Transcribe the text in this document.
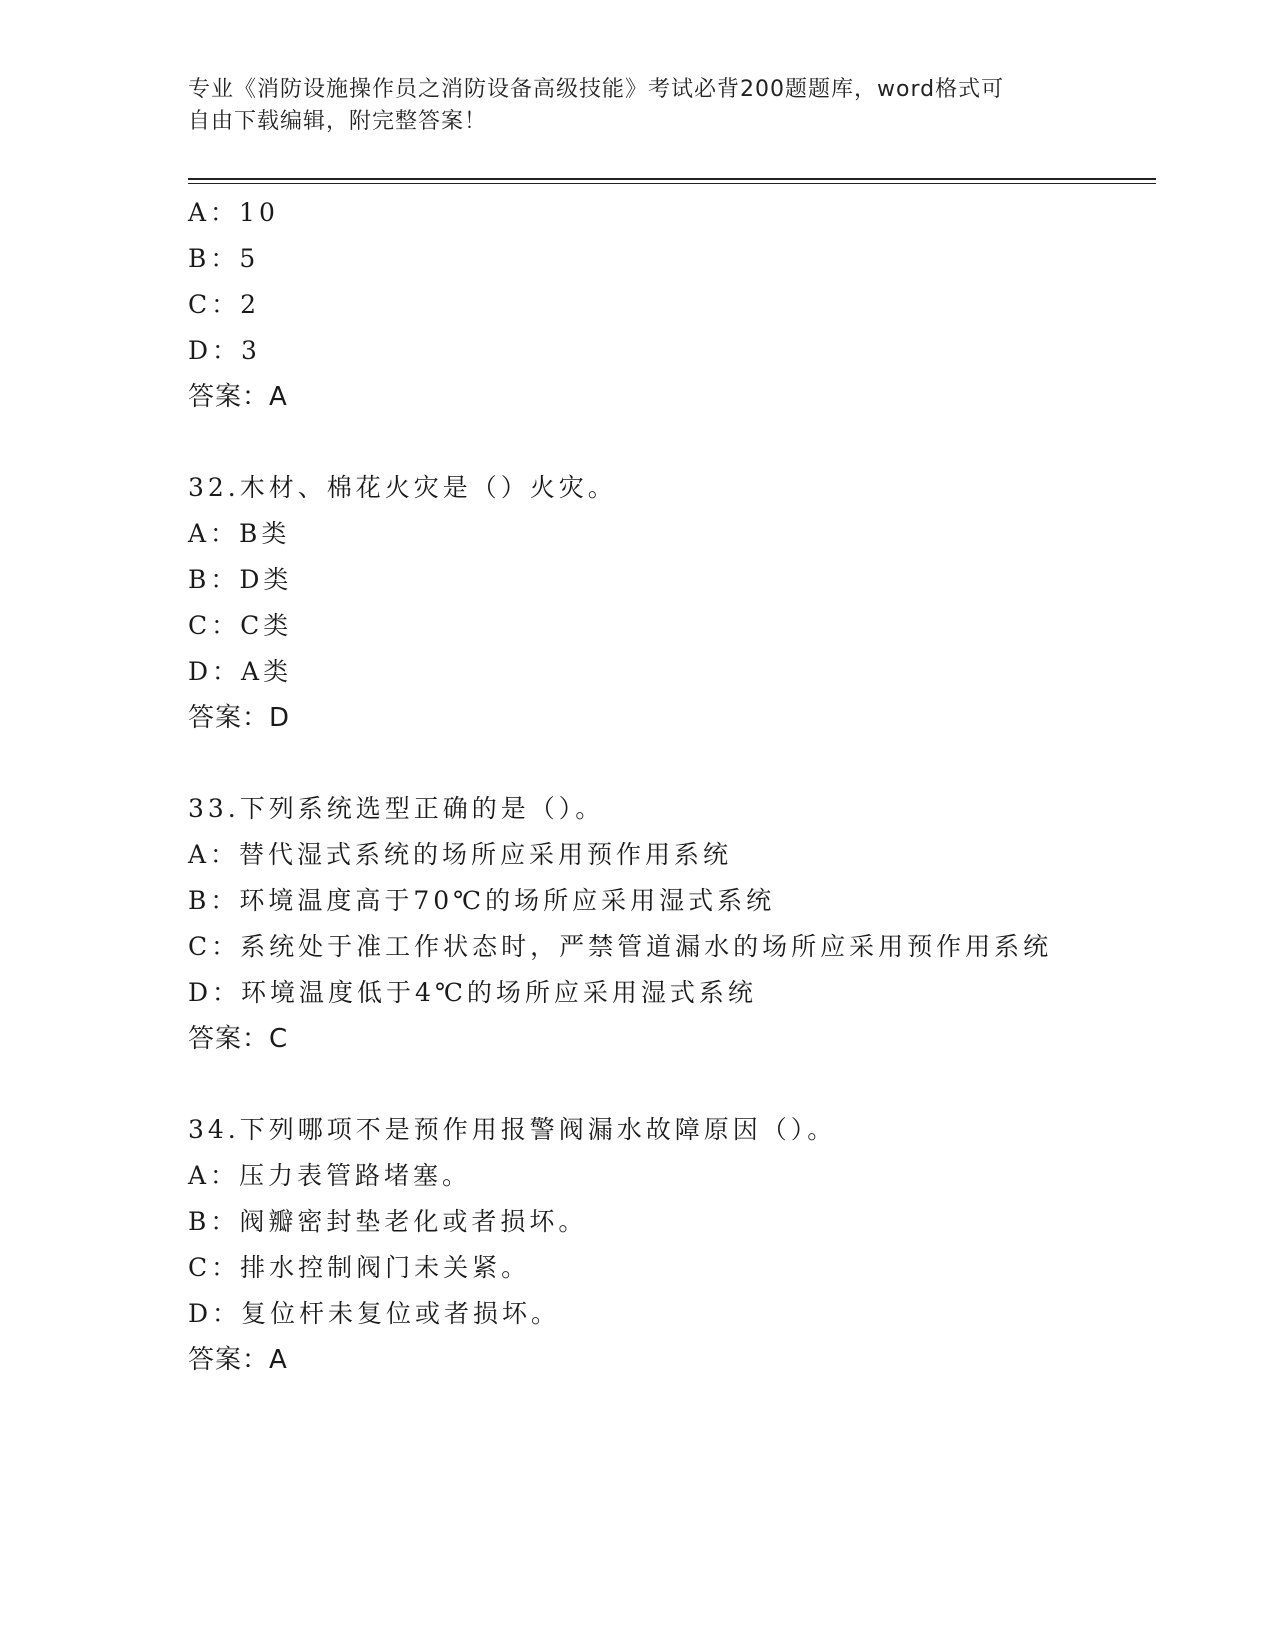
专业《消防设施操作员之消防设备高级技能》考试必背200题题库，word格式可
自由下载编辑，附完整答案！
A：10
B：5
C：2
D：3
答案：A
32.木材、棉花火灾是（）火灾。
A：B类
B：D类
C：C类
D：A类
答案：D
33.下列系统选型正确的是（）。
A：替代湿式系统的场所应采用预作用系统
B：环境温度高于70℃的场所应采用湿式系统
C：系统处于准工作状态时，严禁管道漏水的场所应采用预作用系统
D：环境温度低于4℃的场所应采用湿式系统
答案：C
34.下列哪项不是预作用报警阀漏水故障原因（）。
A：压力表管路堵塞。
B：阀瓣密封垫老化或者损坏。
C：排水控制阀门未关紧。
D：复位杆未复位或者损坏。
答案：A
